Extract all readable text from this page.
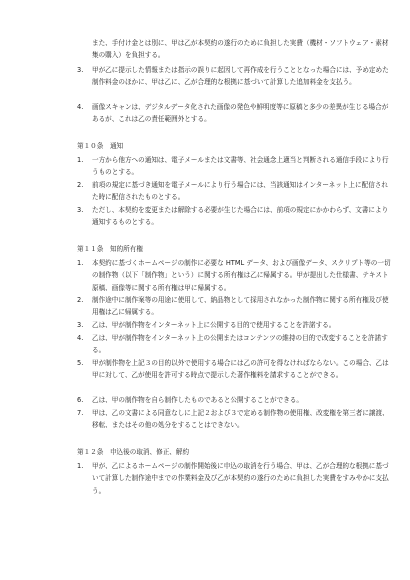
また、手付け金とは別に、甲は乙が本契約の遂行のために負担した実費（機材・ソフトウェア・素材集の購入）を負担する。

3.	甲が乙に提示した情報または指示の誤りに起因して再作成を行うこととなった場合には、予め定めた制作料金のほかに、甲は乙に、乙が合理的な根拠に基づいて計算した追加料金を支払う。

4.	画像スキャンは、デジタルデータ化された画像の発色や鮮明度等に原稿と多少の差異が生じる場合があるが、これは乙の責任範囲外とする。

第１０条　通知

1.	一方から他方への通知は、電子メールまたは文書等、社会通念上適当と判断される通信手段により行うものとする。

2.	前項の規定に基づき通知を電子メールにより行う場合には、当該通知はインターネット上に配信された時に配信されたものとする。

3.	ただし、本契約を変更または解除する必要が生じた場合には、前項の規定にかかわらず、文書により通知するものとする。

第１１条　知的所有権

1.	本契約に基づくホームページの制作に必要な HTML データ、および画像データ、スクリプト等の一切の制作物（以下「制作物」という）に関する所有権は乙に帰属する。甲が提出した仕様書、テキスト原稿、画像等に関する所有権は甲に帰属する。

2.	制作途中に制作案等の用途に使用して、納品物として採用されなかった制作物に関する所有権及び使用権は乙に帰属する。

3.	乙は、甲が制作物をインターネット上に公開する目的で使用することを許諾する。

4.	乙は、甲が制作物をインターネット上の公開またはコンテンツの維持の目的で改変することを許諾する。

5.	甲が制作物を上記３の目的以外で使用する場合には乙の許可を得なければならない。この場合、乙は甲に対して、乙が使用を許可する時点で提示した著作権料を請求することができる。

6.	乙は、甲の制作物を自ら制作したものであると公開することができる。

7.	甲は、乙の文書による同意なしに上記２および３で定める制作物の使用権、改変権を第三者に譲渡、移転、またはその他の処分をすることはできない。

第１２条　申込後の取消、修正、解約

1.	甲が、乙によるホームページの制作開始後に申込の取消を行う場合、甲は、乙が合理的な根拠に基づいて計算した制作途中までの作業料金及び乙が本契約の遂行のために負担した実費をすみやかに支払う。
